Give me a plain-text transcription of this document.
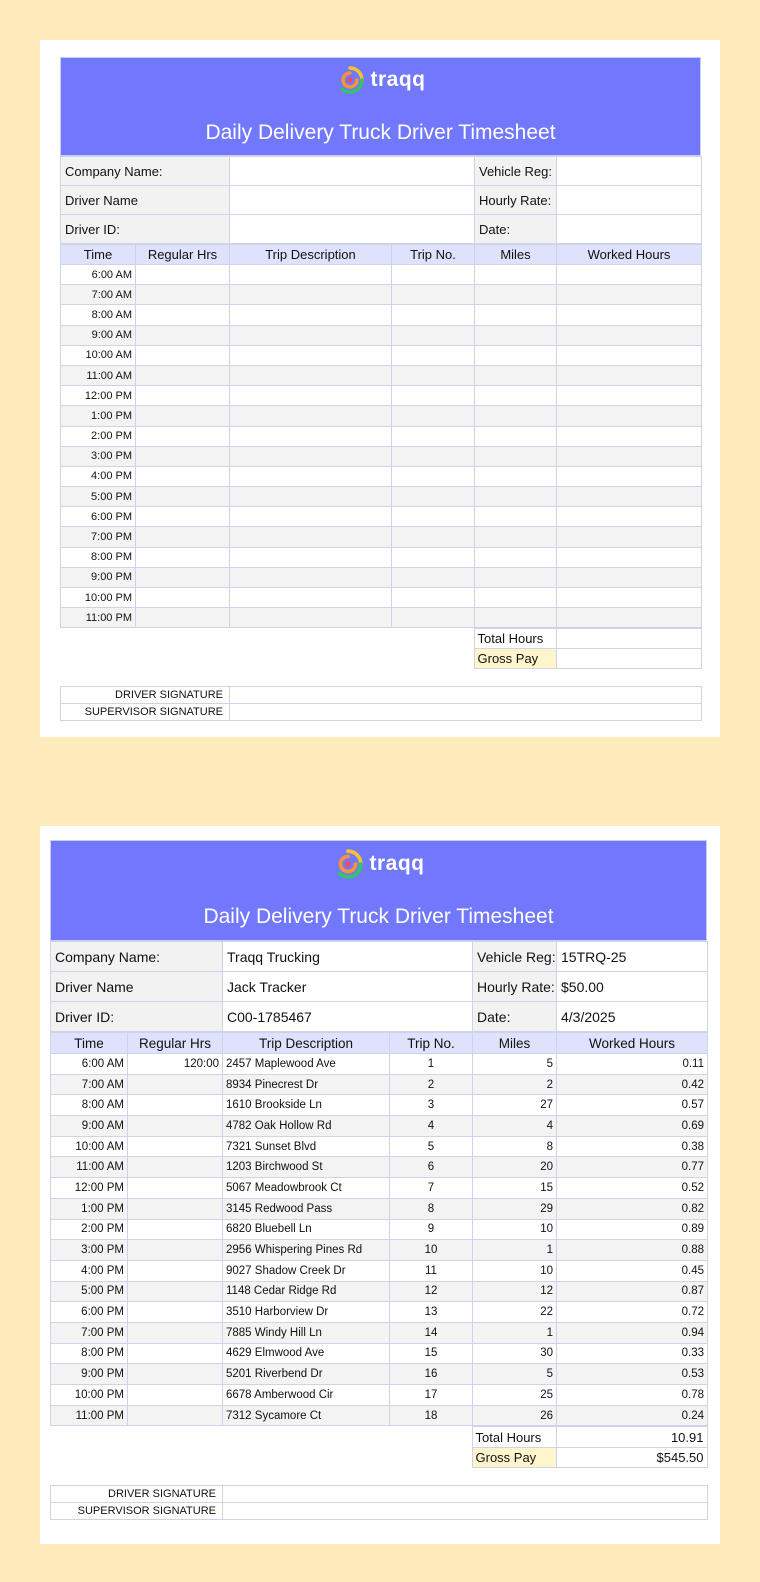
traqq
Daily Delivery Truck Driver Timesheet
Company Name:		Vehicle Reg:	
Driver Name		Hourly Rate:	
Driver ID:		Date:	
Time	Regular Hrs	Trip Description	Trip No.	Miles	Worked Hours
6:00 AM					
7:00 AM					
8:00 AM					
9:00 AM					
10:00 AM					
11:00 AM					
12:00 PM					
1:00 PM					
2:00 PM					
3:00 PM					
4:00 PM					
5:00 PM					
6:00 PM					
7:00 PM					
8:00 PM					
9:00 PM					
10:00 PM					
11:00 PM					
	Total Hours	
	Gross Pay	
DRIVER SIGNATURE	
SUPERVISOR SIGNATURE	
traqq
Daily Delivery Truck Driver Timesheet
Company Name:	Traqq Trucking	Vehicle Reg:	15TRQ-25
Driver Name	Jack Tracker	Hourly Rate:	$50.00
Driver ID:	C00-1785467	Date:	4/3/2025
Time	Regular Hrs	Trip Description	Trip No.	Miles	Worked Hours
6:00 AM	120:00	2457 Maplewood Ave	1	5	0.11
7:00 AM		8934 Pinecrest Dr	2	2	0.42
8:00 AM		1610 Brookside Ln	3	27	0.57
9:00 AM		4782 Oak Hollow Rd	4	4	0.69
10:00 AM		7321 Sunset Blvd	5	8	0.38
11:00 AM		1203 Birchwood St	6	20	0.77
12:00 PM		5067 Meadowbrook Ct	7	15	0.52
1:00 PM		3145 Redwood Pass	8	29	0.82
2:00 PM		6820 Bluebell Ln	9	10	0.89
3:00 PM		2956 Whispering Pines Rd	10	1	0.88
4:00 PM		9027 Shadow Creek Dr	11	10	0.45
5:00 PM		1148 Cedar Ridge Rd	12	12	0.87
6:00 PM		3510 Harborview Dr	13	22	0.72
7:00 PM		7885 Windy Hill Ln	14	1	0.94
8:00 PM		4629 Elmwood Ave	15	30	0.33
9:00 PM		5201 Riverbend Dr	16	5	0.53
10:00 PM		6678 Amberwood Cir	17	25	0.78
11:00 PM		7312 Sycamore Ct	18	26	0.24
	Total Hours	10.91
	Gross Pay	$545.50
DRIVER SIGNATURE	
SUPERVISOR SIGNATURE	
